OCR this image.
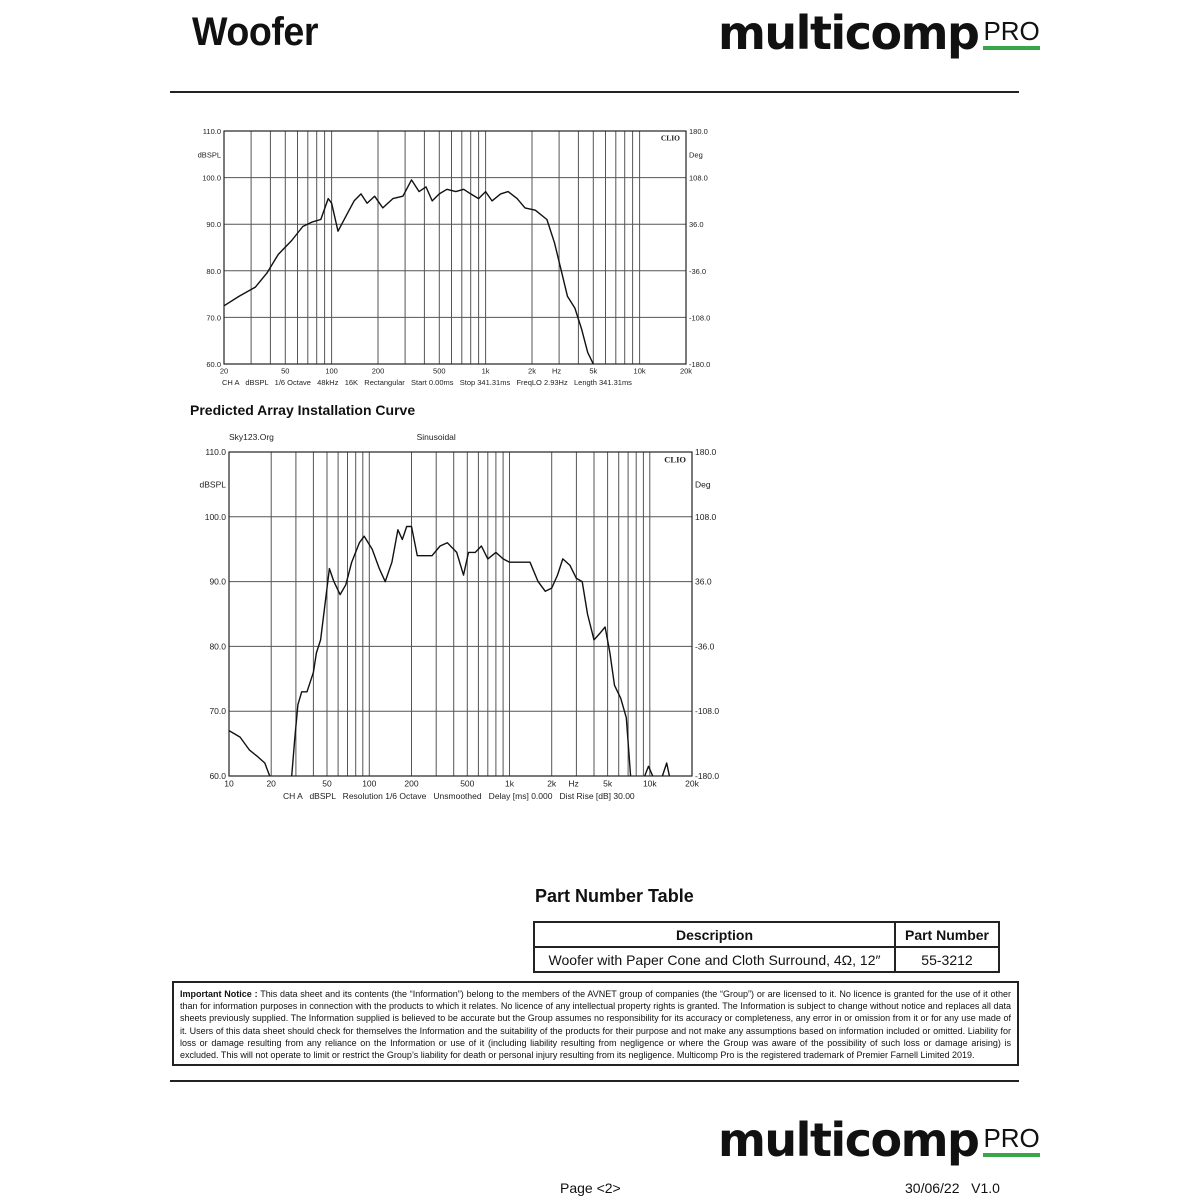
Woofer	multicomp PRO
110.0	180.0
100.0	108.0
90.0	36.0
80.0	-36.0
70.0	-108.0
60.0	-180.0
dBSPL	Deg
20	50	100	200	500	1k	2k	5k	10k	20k
Hz
CH A   dBSPL   1/6 Octave   48kHz   16K   Rectangular   Start 0.00ms   Stop 341.31ms   FreqLO 2.93Hz   Length 341.31ms
CLIO
Predicted Array Installation Curve
110.0	180.0
100.0	108.0
90.0	36.0
80.0	-36.0
70.0	-108.0
60.0	-180.0
dBSPL	Deg
10	20	50	100	200	500	1k	2k	5k	10k	20k
Hz
CH A   dBSPL   Resolution 1/6 Octave   Unsmoothed   Delay [ms] 0.000   Dist Rise [dB] 30.00
CLIO
Sky123.Org	Sinusoidal
Part Number Table
Description	Part Number
Woofer with Paper Cone and Cloth Surround, 4Ω, 12″	55-3212
Important Notice : This data sheet and its contents (the “Information”) belong to the members of the AVNET group of companies (the “Group”) or are licensed to it. No licence is granted for the use of it other than for information purposes in connection with the products to which it relates. No licence of any intellectual property rights is granted. The Information is subject to change without notice and replaces all data sheets previously supplied. The Information supplied is believed to be accurate but the Group assumes no responsibility for its accuracy or completeness, any error in or omission from it or for any use made of it. Users of this data sheet should check for themselves the Information and the suitability of the products for their purpose and not make any assumptions based on information included or omitted. Liability for loss or damage resulting from any reliance on the Information or use of it (including liability resulting from negligence or where the Group was aware of the possibility of such loss or damage arising) is excluded. This will not operate to limit or restrict the Group’s liability for death or personal injury resulting from its negligence. Multicomp Pro is the registered trademark of Premier Farnell Limited 2019.
multicomp PRO
Page <2>	30/06/22   V1.0
